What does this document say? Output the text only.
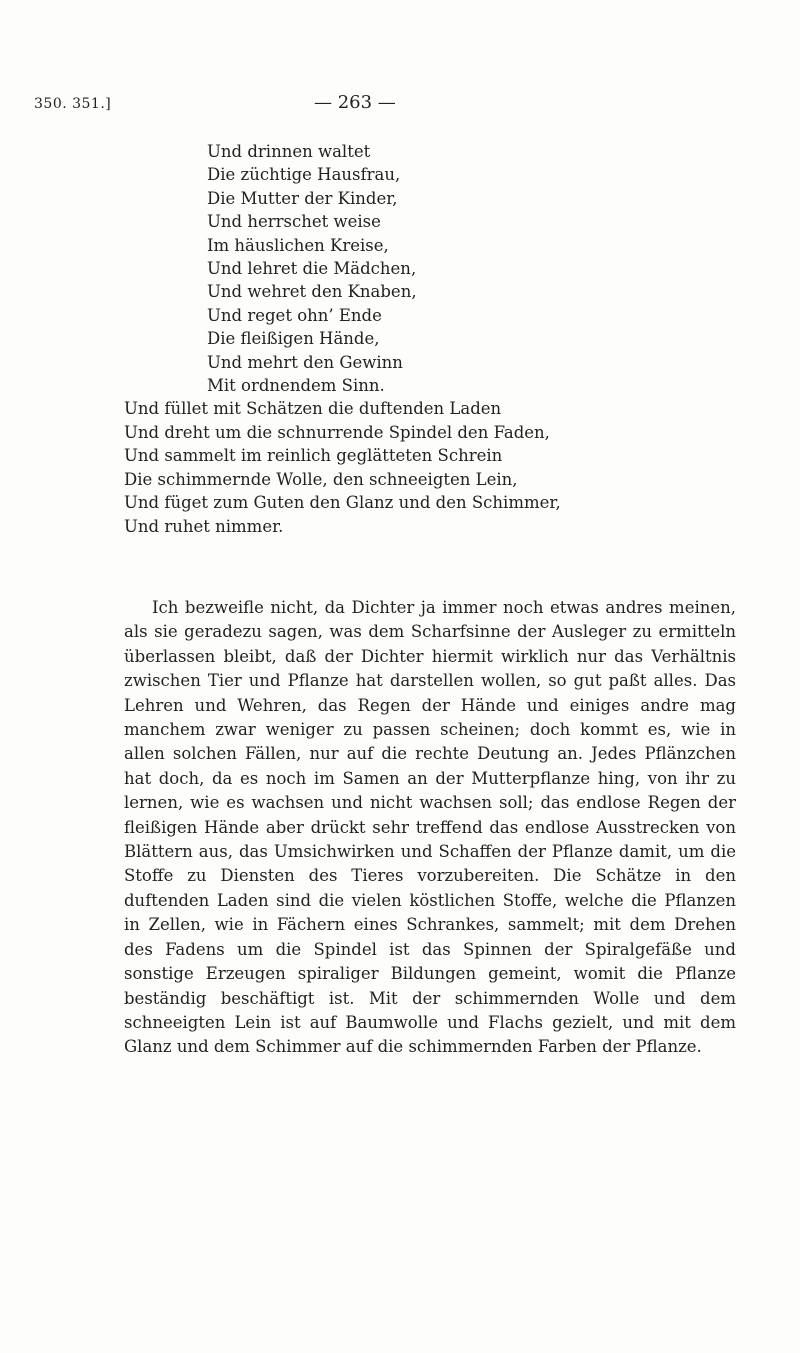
350. 351.]	— 263 —
Und drinnen waltet
Die züchtige Hausfrau,
Die Mutter der Kinder,
Und herrschet weise
Im häuslichen Kreise,
Und lehret die Mädchen,
Und wehret den Knaben,
Und reget ohn’ Ende
Die fleißigen Hände,
Und mehrt den Gewinn
Mit ordnendem Sinn.
Und füllet mit Schätzen die duftenden Laden
Und dreht um die schnurrende Spindel den Faden,
Und sammelt im reinlich geglätteten Schrein
Die schimmernde Wolle, den schneeigten Lein,
Und füget zum Guten den Glanz und den Schimmer,
Und ruhet nimmer.

Ich bezweifle nicht, da Dichter ja immer noch etwas andres meinen, als sie geradezu sagen, was dem Scharfsinne der Ausleger zu ermitteln überlassen bleibt, daß der Dichter hiermit wirklich nur das Verhältnis zwischen Tier und Pflanze hat darstellen wollen, so gut paßt alles. Das Lehren und Wehren, das Regen der Hände und einiges andre mag manchem zwar weniger zu passen scheinen; doch kommt es, wie in allen solchen Fällen, nur auf die rechte Deutung an. Jedes Pflänzchen hat doch, da es noch im Samen an der Mutterpflanze hing, von ihr zu lernen, wie es wachsen und nicht wachsen soll; das endlose Regen der fleißigen Hände aber drückt sehr treffend das endlose Ausstrecken von Blättern aus, das Umsichwirken und Schaffen der Pflanze damit, um die Stoffe zu Diensten des Tieres vorzubereiten. Die Schätze in den duftenden Laden sind die vielen köstlichen Stoffe, welche die Pflanzen in Zellen, wie in Fächern eines Schrankes, sammelt; mit dem Drehen des Fadens um die Spindel ist das Spinnen der Spiralgefäße und sonstige Erzeugen spiraliger Bildungen gemeint, womit die Pflanze beständig beschäftigt ist. Mit der schimmernden Wolle und dem schneeigten Lein ist auf Baumwolle und Flachs gezielt, und mit dem Glanz und dem Schimmer auf die schimmernden Farben der Pflanze.
